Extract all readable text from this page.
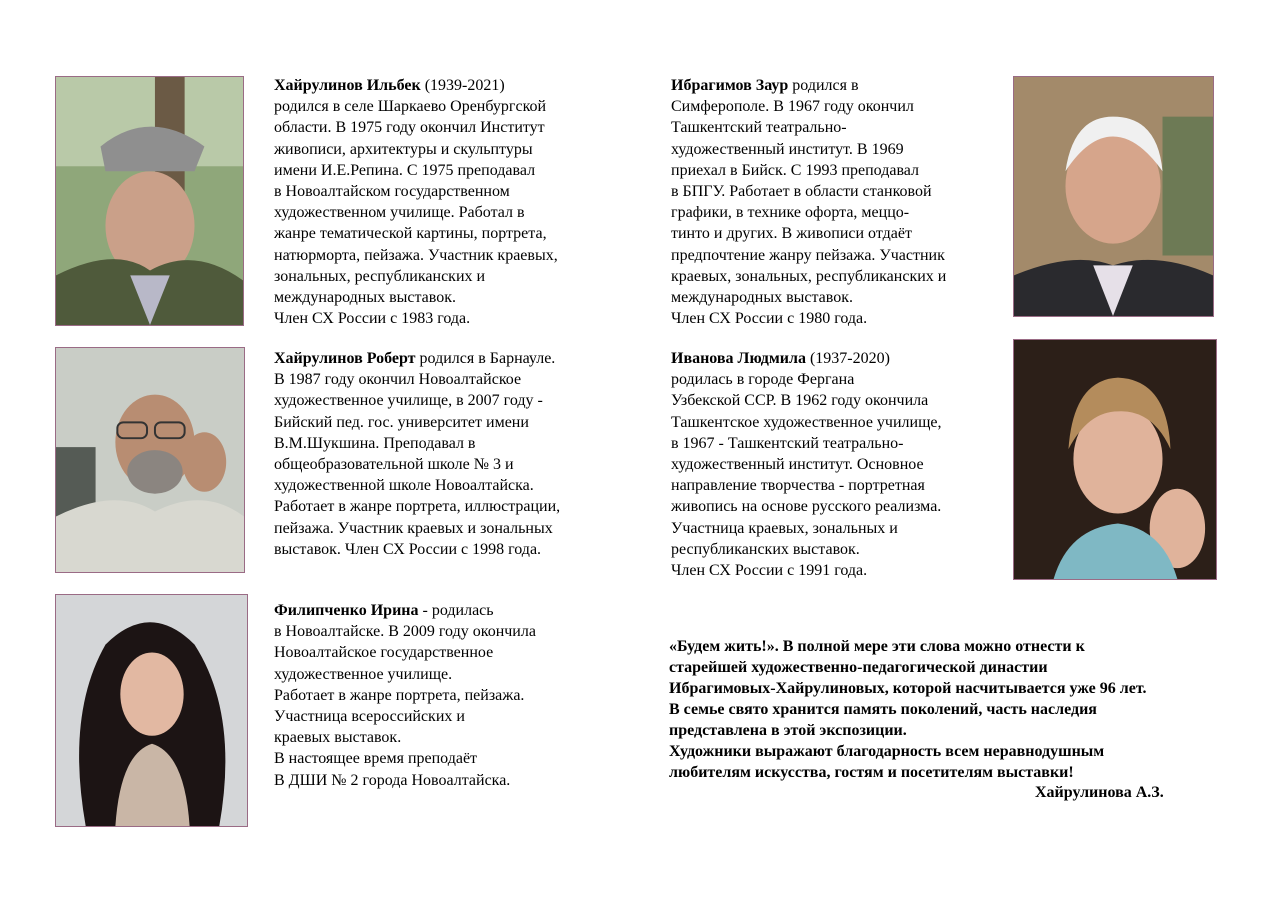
Хайрулинов Ильбек (1939-2021)
родился в селе Шаркаево Оренбургской
области. В 1975 году окончил Институт
живописи, архитектуры и скульптуры
имени И.Е.Репина. С 1975 преподавал
в Новоалтайском государственном
художественном училище. Работал в
жанре тематической картины, портрета,
натюрморта, пейзажа. Участник краевых,
зональных, республиканских и
международных выставок.
Член СХ России с 1983 года.
Хайрулинов Роберт родился в Барнауле.
В 1987 году окончил Новоалтайское
художественное училище, в 2007 году -
Бийский пед. гос. университет имени
В.М.Шукшина. Преподавал в
общеобразовательной школе № 3 и
художественной школе Новоалтайска.
Работает в жанре портрета, иллюстрации,
пейзажа. Участник краевых и зональных
выставок. Член СХ России с 1998 года.
Филипченко Ирина - родилась
в Новоалтайске. В 2009 году окончила
Новоалтайское государственное
художественное училище.
Работает в жанре портрета, пейзажа.
Участница всероссийских и
краевых выставок.
В настоящее время преподаёт
В ДШИ № 2 города Новоалтайска.
Ибрагимов Заур родился в
Симферополе. В 1967 году окончил
Ташкентский театрально-
художественный институт. В 1969
приехал в Бийск. С 1993 преподавал
в БПГУ. Работает в области станковой
графики, в технике офорта, меццо-
тинто и других. В живописи отдаёт
предпочтение жанру пейзажа. Участник
краевых, зональных, республиканских и
международных выставок.
Член СХ России с 1980 года.
Иванова Людмила (1937-2020)
родилась в городе Фергана
Узбекской ССР. В 1962 году окончила
Ташкентское художественное училище,
в 1967 - Ташкентский театрально-
художественный институт. Основное
направление творчества - портретная
живопись на основе русского реализма.
Участница краевых, зональных и
республиканских выставок.
Член СХ России с 1991 года.
«Будем жить!». В полной мере эти слова можно отнести к
старейшей художественно-педагогической династии
Ибрагимовых-Хайрулиновых, которой насчитывается уже 96 лет.
В семье свято хранится память поколений, часть наследия
представлена в этой экспозиции.
Художники выражают благодарность всем неравнодушным
любителям искусства, гостям и посетителям выставки!
Хайрулинова А.З.
